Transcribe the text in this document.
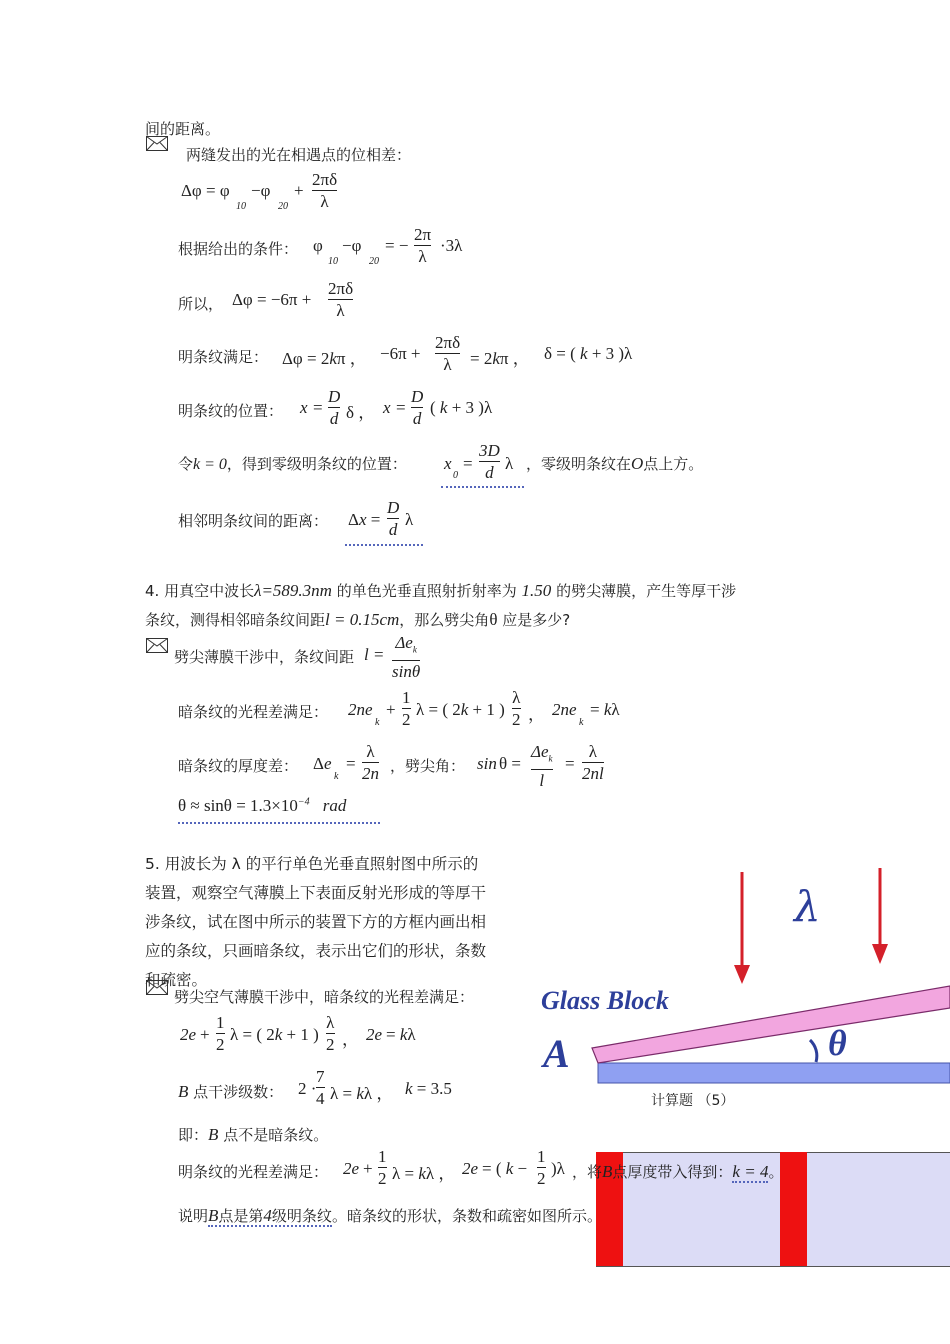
间的距离。
两缝发出的光在相遇点的位相差：
Δφ = φ
10
−φ
20
+
2πδ
λ
根据给出的条件： φ
10
−φ
20
= −
2π
λ
·3λ
所以， Δφ = −6π +
2πδ
λ
明条纹满足： Δφ = 2kπ ， −6π +
2πδ
λ = 2kπ ， δ = ( k + 3 )λ
明条纹的位置： x =
D
d δ ， x =
D
d
( k + 3 )λ
令k = 0，得到零级明条纹的位置： x
0
=
3D
d λ ，零级明条纹在O点上方。
相邻明条纹间的距离： Δx =
D
d
λ
4. 用真空中波长λ=589.3nm 的单色光垂直照射折射率为 1.50 的劈尖薄膜，产生等厚干涉
条纹，测得相邻暗条纹间距l = 0.15cm，那么劈尖角θ 应是多少?
劈尖薄膜干涉中，条纹间距 l =
$\Delta e_k$
sinθ
暗条纹的光程差满足： 2ne
k
+
1
2
λ = ( 2k + 1 )
λ
2 ， 2ne
k
= kλ
暗条纹的厚度差： Δe
k
=
λ
2n ，劈尖角： sin θ =
$\Delta e_k$
l
=
λ
2nl
$\theta \approx \sin\theta = 1.3\times 10^{-4}$ rad
5. 用波长为 λ 的平行单色光垂直照射图中所示的
装置，观察空气薄膜上下表面反射光形成的等厚干
涉条纹，试在图中所示的装置下方的方框内画出相
应的条纹，只画暗条纹，表示出它们的形状，条数
和疏密。
劈尖空气薄膜干涉中，暗条纹的光程差满足：
2e +
1
2
λ = ( 2k + 1 )
λ
2 ， 2e = kλ
B 点干涉级数： 2 ·
7
4 λ = kλ ， k = 3.5
即：B 点不是暗条纹。
明条纹的光程差满足： 2e +
1
2 λ = kλ ， 2e = ( k −
1
2
)λ ，将B点厚度带入得到：k = 4。
说明B点是第4级明条纹。暗条纹的形状，条数和疏密如图所示。
λ
Glass Block
A	θ
计算题 （5）
